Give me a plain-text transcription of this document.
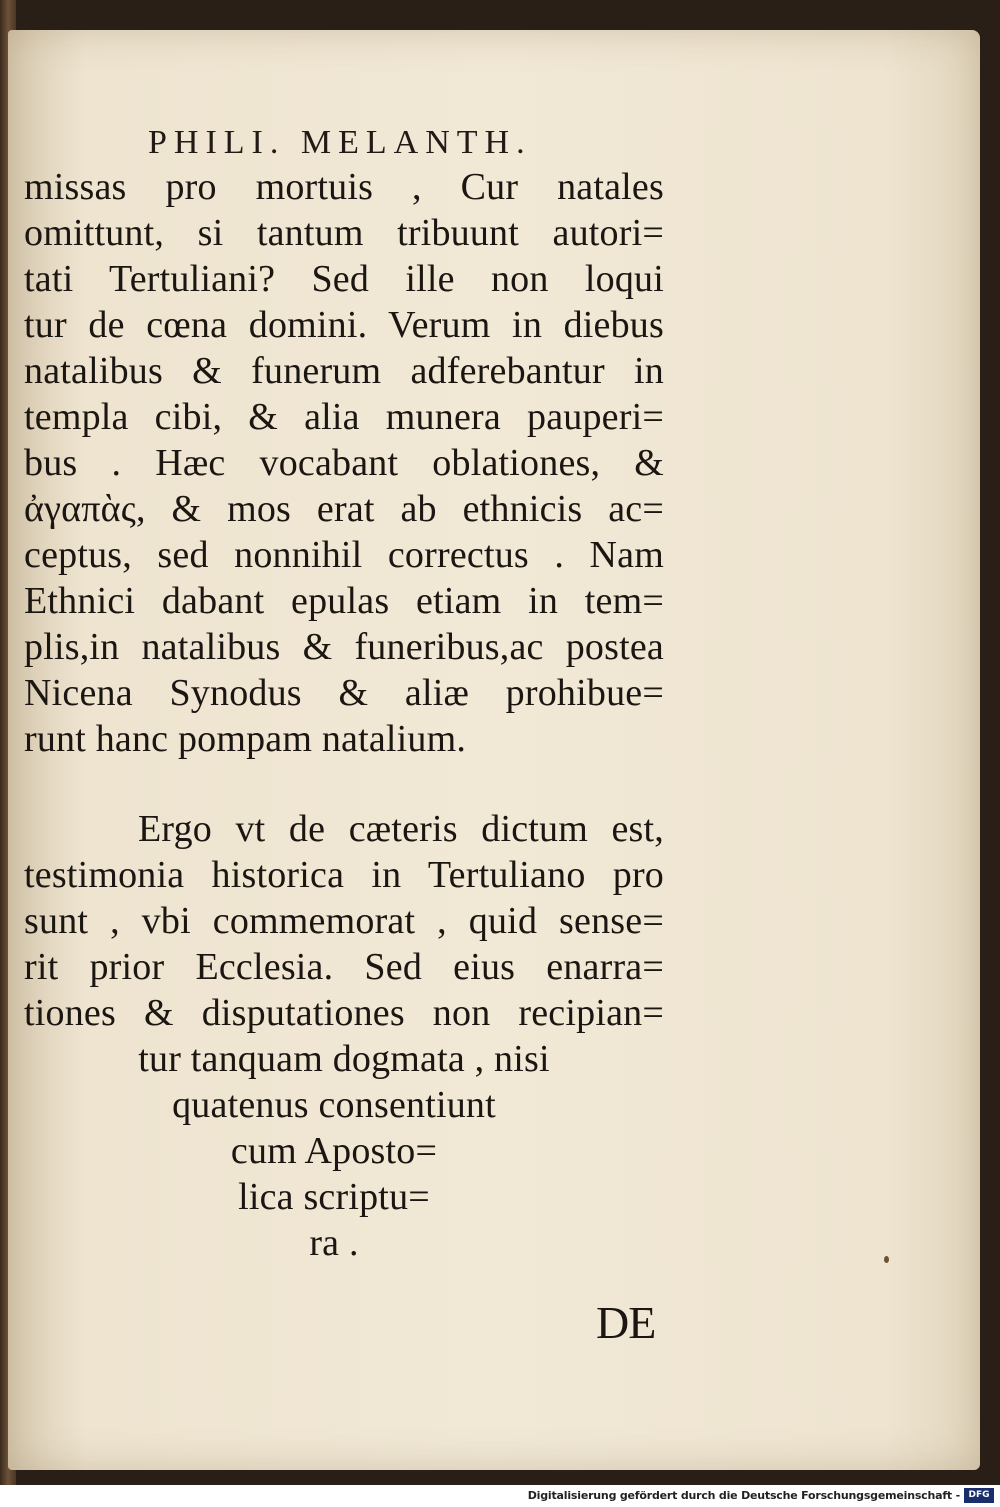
PHILI. MELANTH.
missas pro mortuis , Cur natales
omittunt, si tantum tribuunt autori=
tati Tertuliani? Sed ille non loqui
tur de cœna domini. Verum in diebus
natalibus & funerum adferebantur in
templa cibi, & alia munera pauperi=
bus . Hæc vocabant oblationes, &
ἀγαπὰς, & mos erat ab ethnicis ac=
ceptus, sed nonnihil correctus . Nam
Ethnici dabant epulas etiam in tem=
plis,in natalibus & funeribus,ac postea
Nicena Synodus & aliæ prohibue=
runt hanc pompam natalium.
Ergo vt de cæteris dictum est,
testimonia historica in Tertuliano pro
sunt , vbi commemorat , quid sense=
rit prior Ecclesia. Sed eius enarra=
tiones & disputationes non recipian=
tur tanquam dogmata , nisi
quatenus consentiunt
cum Aposto=
lica scriptu=
ra .
DE
Digitalisierung gefördert durch die Deutsche Forschungsgemeinschaft - DFG
